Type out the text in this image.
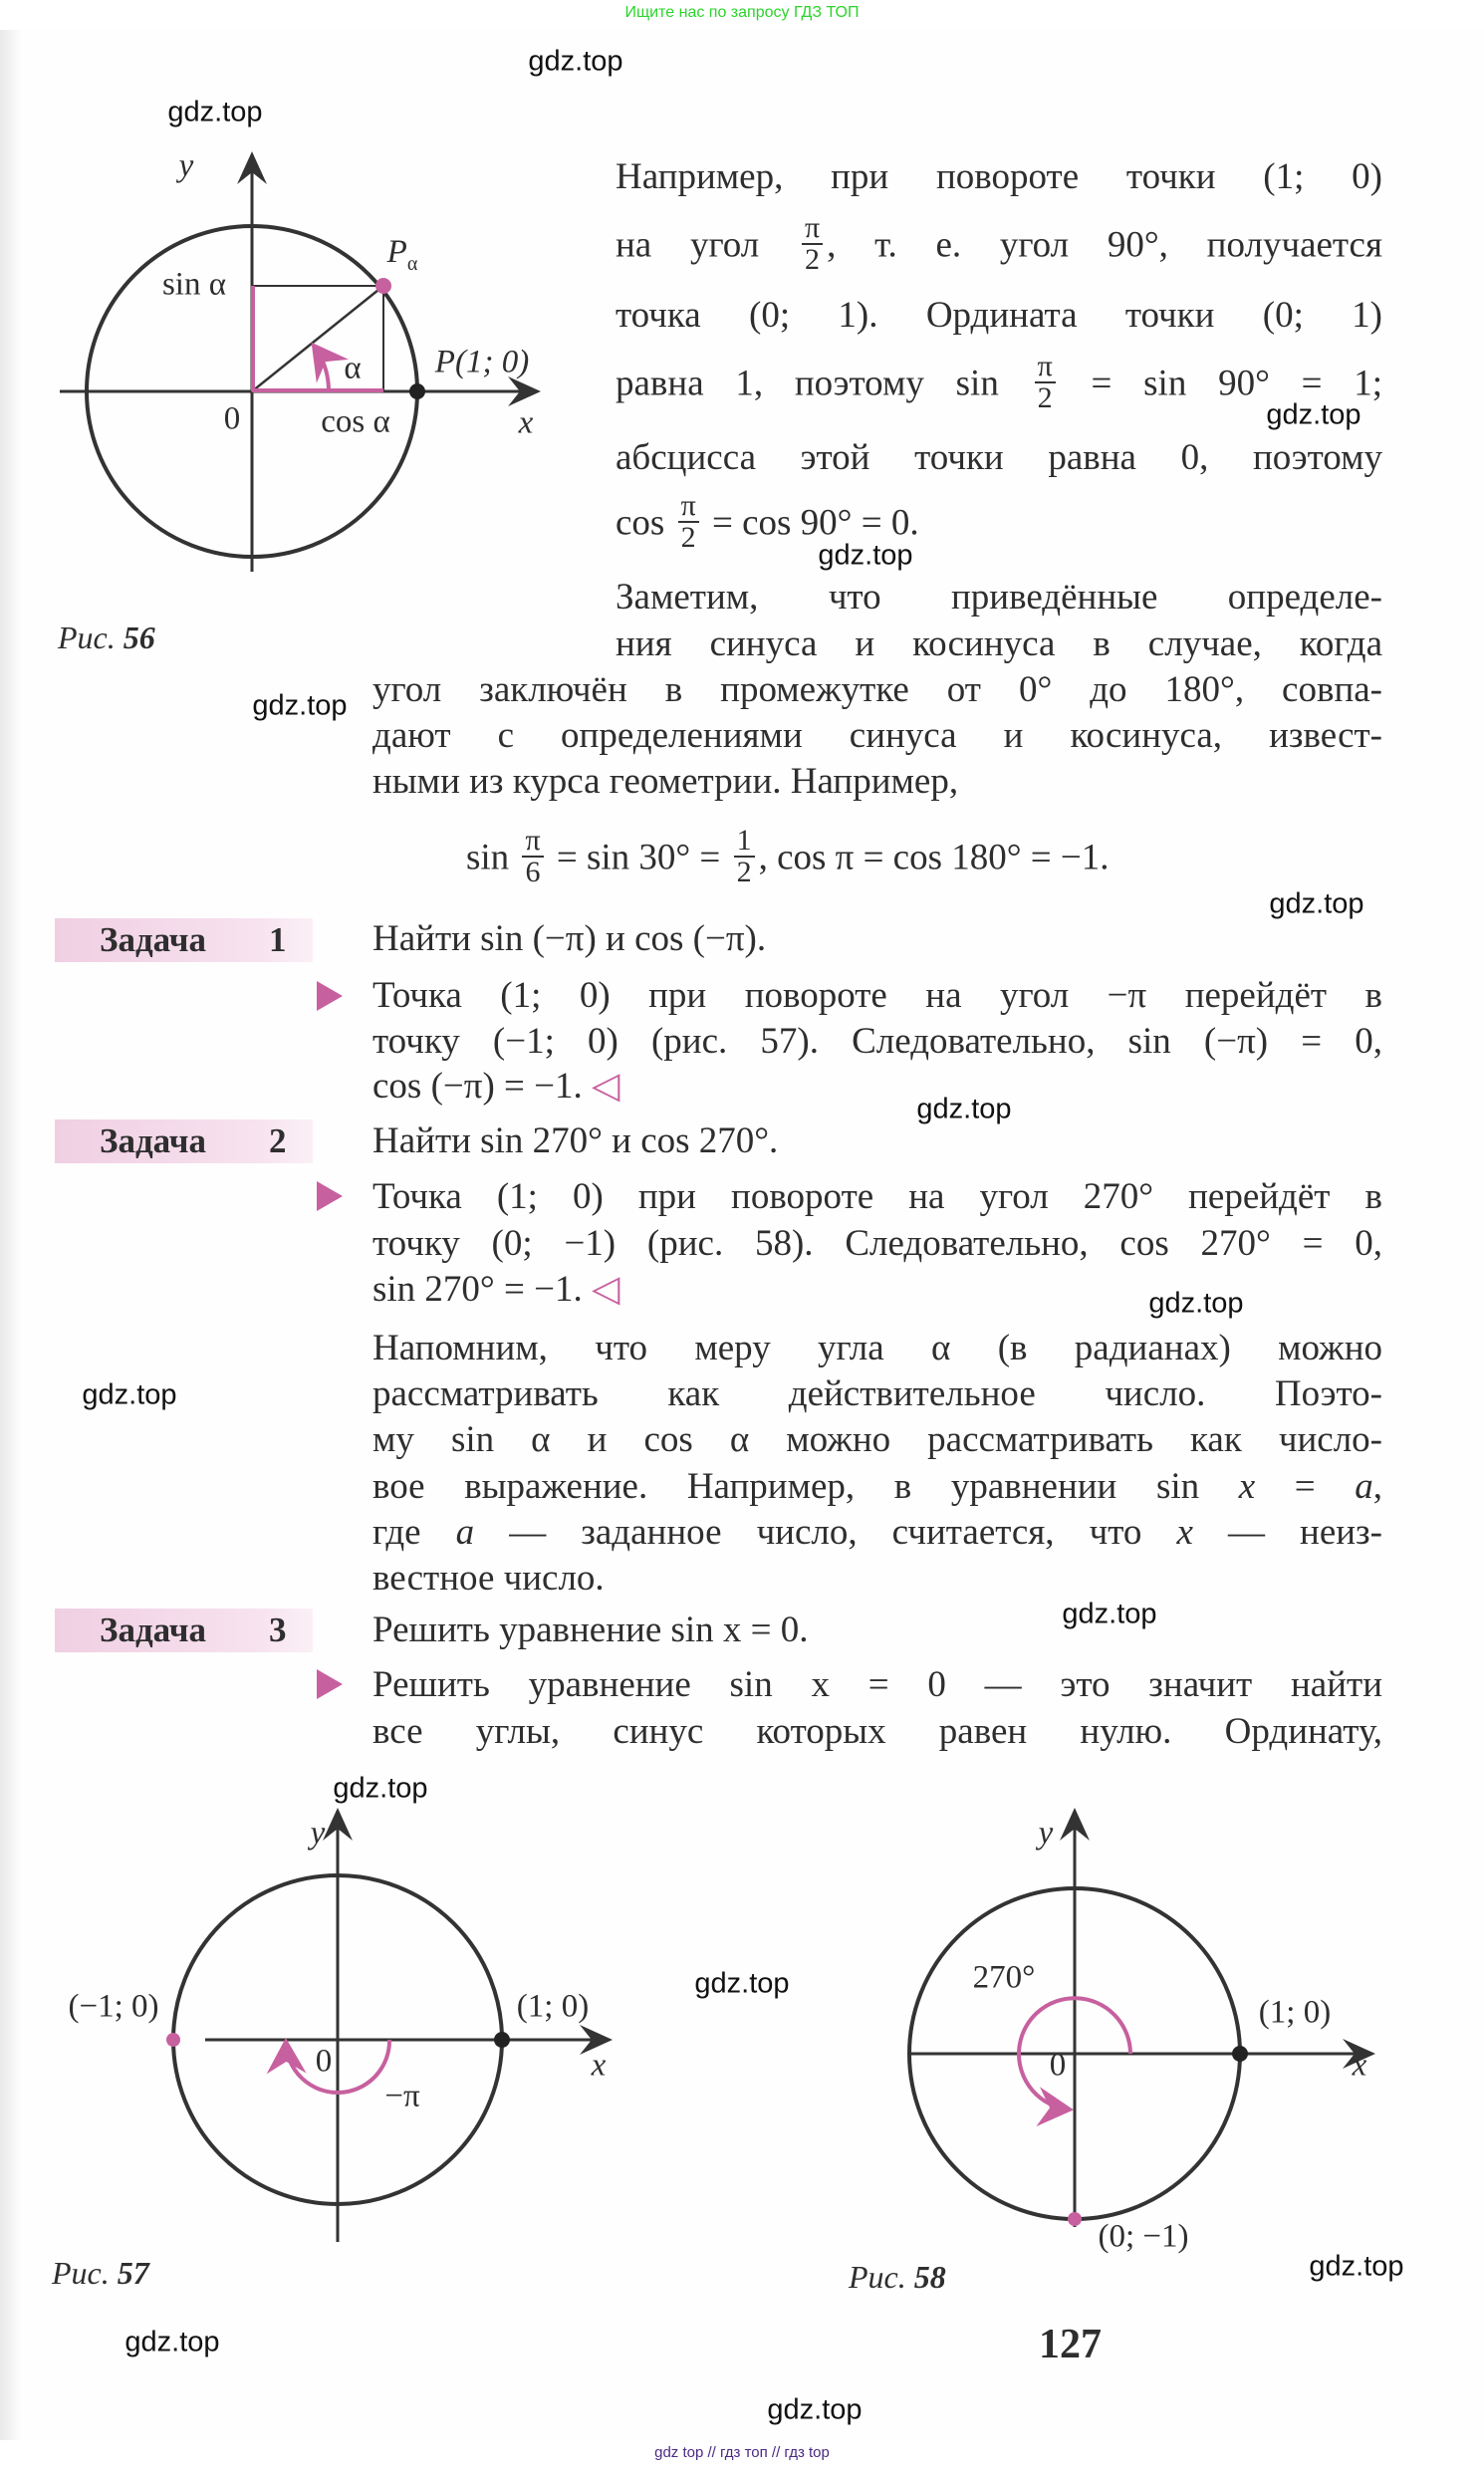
Ищите нас по запросу ГДЗ ТОП
y
x
0
sin α
cos α
α
$P_\alpha$
P(1; 0)
Рис. 56
y
x
0
(−1; 0)	(1; 0)
−π
Рис. 57
y
x
0
270°
(1; 0)
(0; −1)
Рис. 58
Например, при повороте точки (1; 0)
на угол $\frac{\pi}{2}$ , т. е. угол 90°, получается
точка (0; 1). Ордината точки (0; 1)
равна 1, поэтому $\sin \frac{\pi}{2} = \sin 90^\circ = 1$;
абсцисса этой точки равна 0, поэтому
$\cos \frac{\pi}{2} = \cos 90^\circ = 0$.
Заметим, что приведённые определе-
ния синуса и косинуса в случае, когда
угол заключён в промежутке от 0° до 180°, совпа-
дают с определениями синуса и косинуса, извест-
ными из курса геометрии. Например,
$\sin \frac{\pi}{6} = \sin 30^\circ = \frac{1}{2}$ , cos π = cos 180° = −1.
Задача 1 Найти sin (−π) и cos (−π).
Точка (1; 0) при повороте на угол −π перейдёт в
точку (−1; 0) (рис. 57). Следовательно, sin (−π) = 0,
cos (−π) = −1. ◁
Задача 2 Найти sin 270° и cos 270°.
Точка (1; 0) при повороте на угол 270° перейдёт в
точку (0; −1) (рис. 58). Следовательно, cos 270° = 0,
sin 270° = −1. ◁
Напомним, что меру угла α (в радианах) можно
рассматривать как действительное число. Поэто-
му sin α и cos α можно рассматривать как число-
вое выражение. Например, в уравнении sin x = a,
где a — заданное число, считается, что x — неиз-
вестное число.
Задача 3 Решить уравнение sin x = 0.
Решить уравнение sin x = 0 — это значит найти
все углы, синус которых равен нулю. Ординату,
127
gdz.top
gdz.top
gdz.top
gdz.top
gdz.top
gdz.top
gdz.top
gdz.top
gdz.top
gdz.top
gdz.top
gdz.top
gdz.top
gdz.top
gdz.top
gdz top // гдз топ // гдз top
